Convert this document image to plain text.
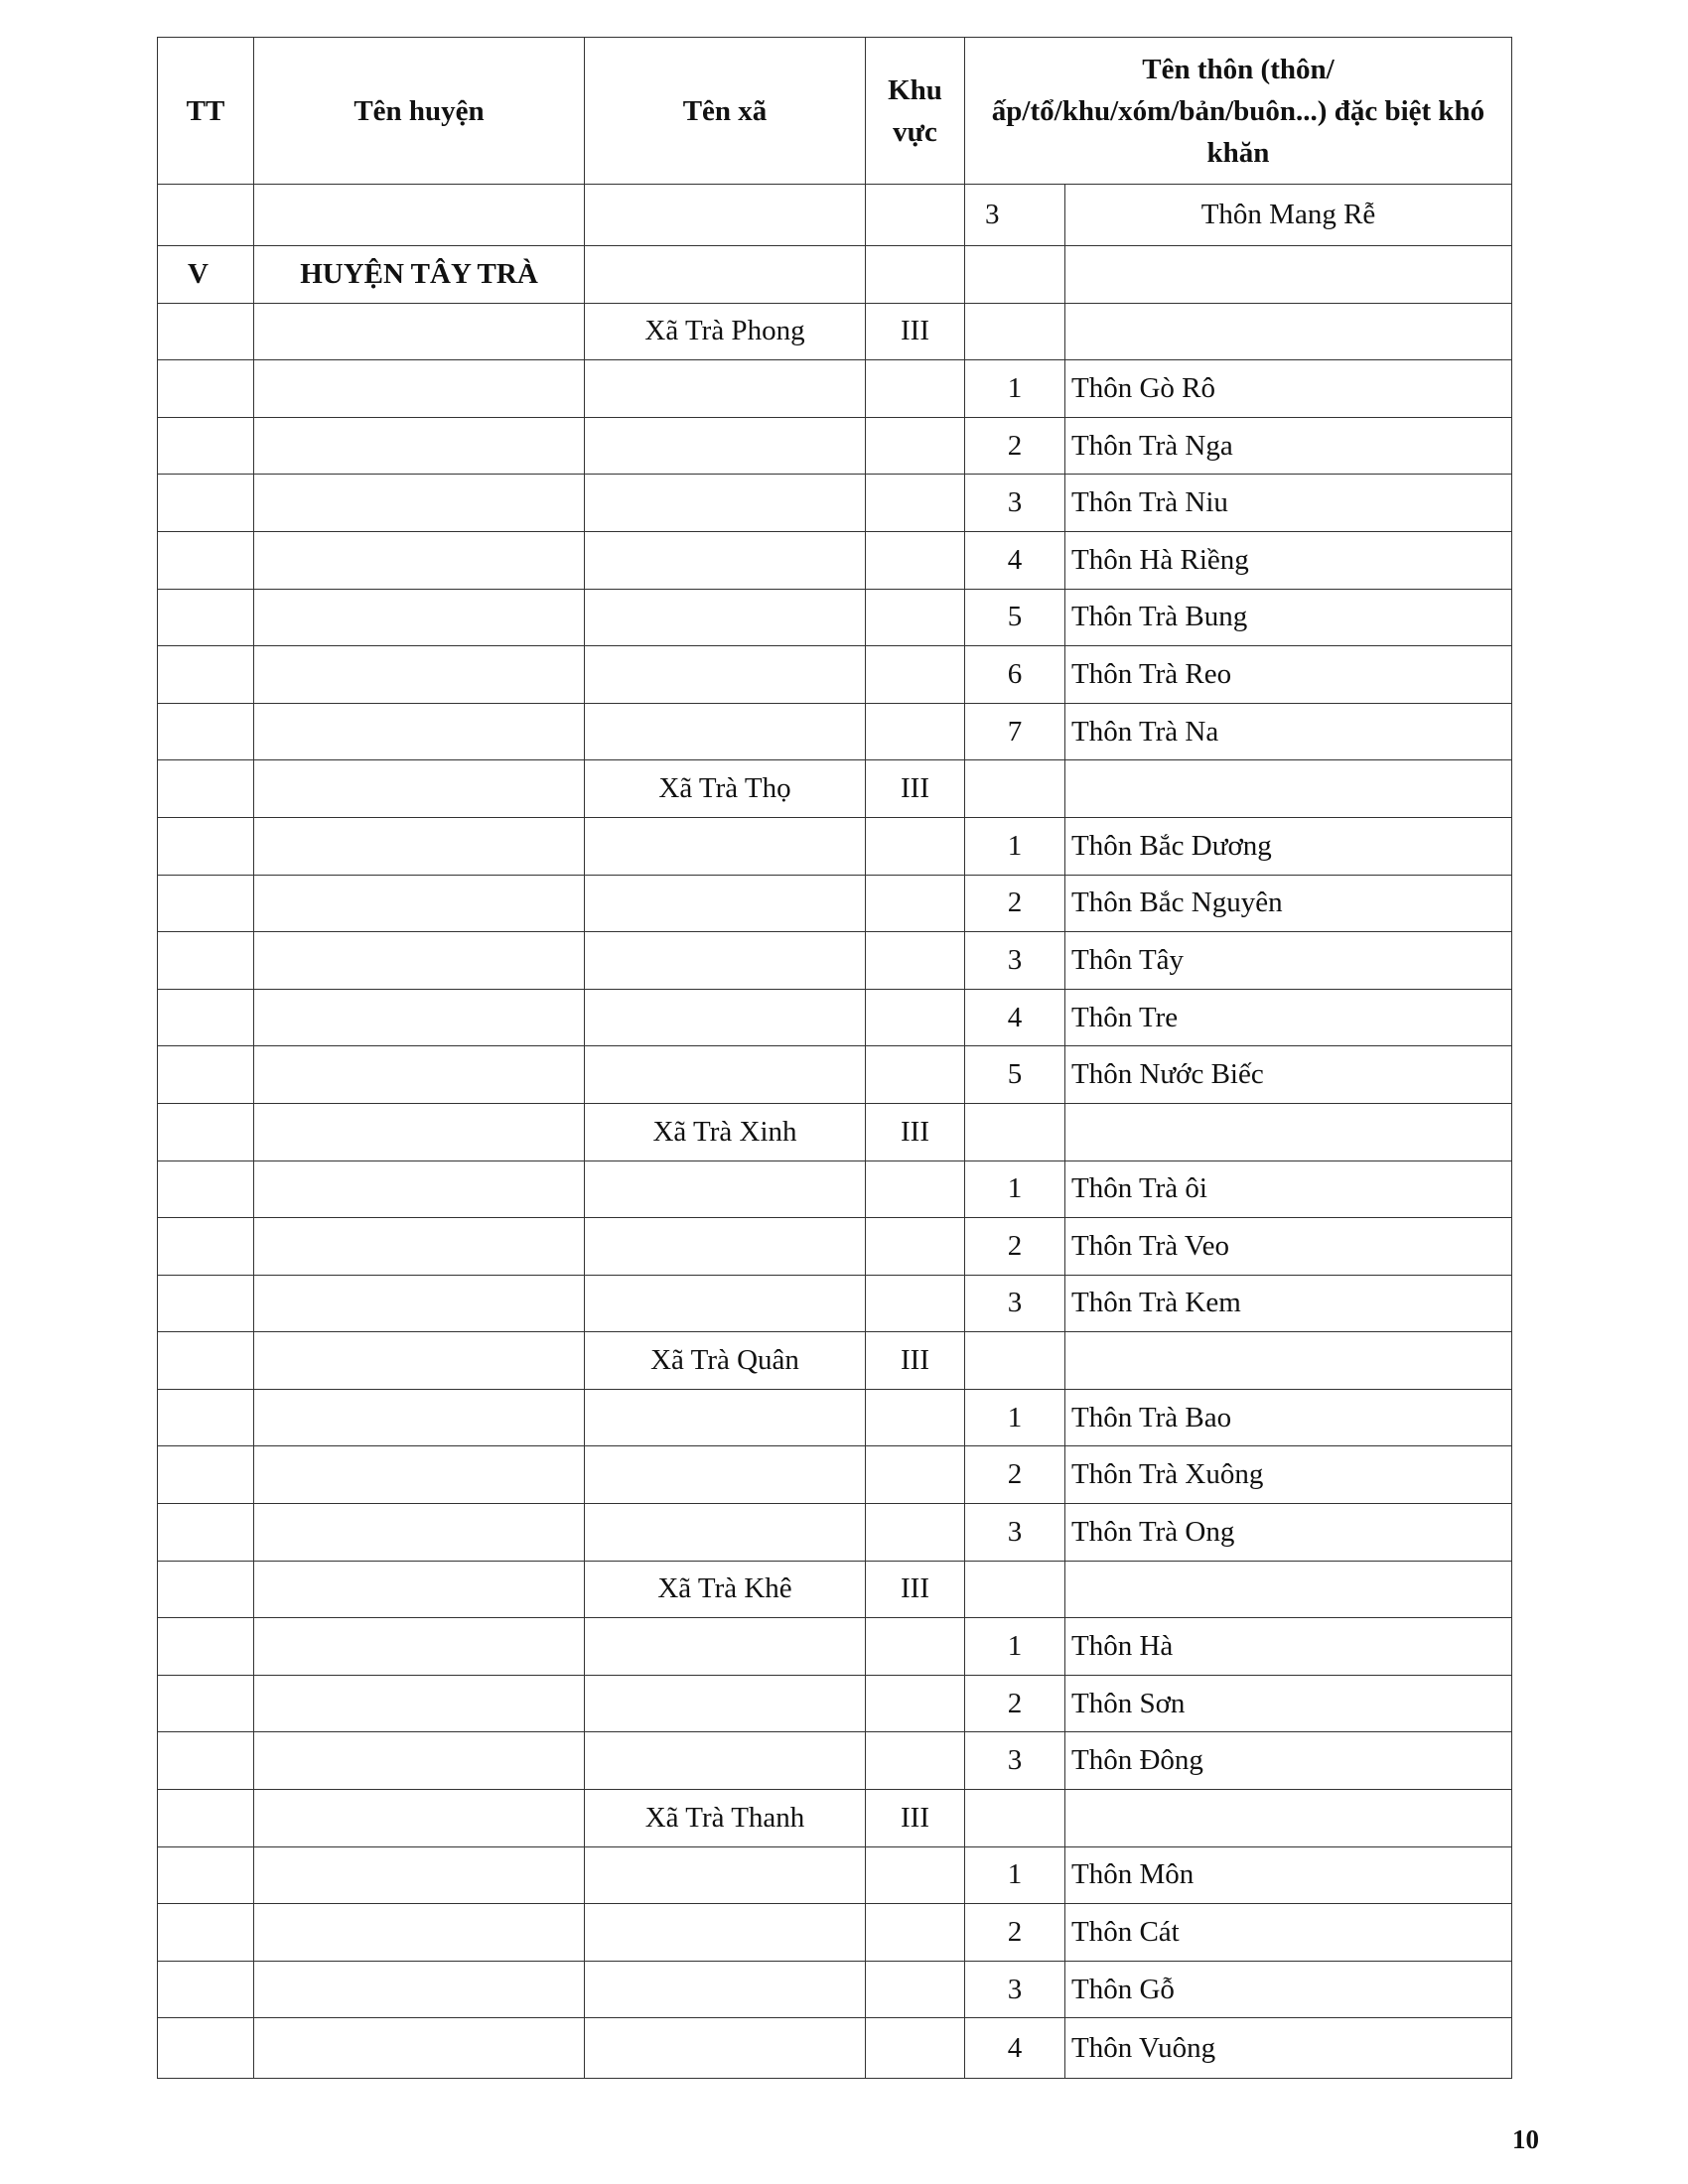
TT	Tên huyện	Tên xã	Khu vực	Tên thôn (thôn/ấp/tổ/khu/xóm/bản/buôn...) đặc biệt khó khăn	
				3	Thôn Mang Rễ
V	HUYỆN TÂY TRÀ				
		Xã Trà Phong	III		
				1	Thôn Gò Rô
				2	Thôn Trà Nga
				3	Thôn Trà Niu
				4	Thôn Hà Riềng
				5	Thôn Trà Bung
				6	Thôn Trà Reo
				7	Thôn Trà Na
		Xã Trà Thọ	III		
				1	Thôn Bắc Dương
				2	Thôn Bắc Nguyên
				3	Thôn Tây
				4	Thôn Tre
				5	Thôn Nước Biếc
		Xã Trà Xinh	III		
				1	Thôn Trà ôi
				2	Thôn Trà Veo
				3	Thôn Trà Kem
		Xã Trà Quân	III		
				1	Thôn Trà Bao
				2	Thôn Trà Xuông
				3	Thôn Trà Ong
		Xã Trà Khê	III		
				1	Thôn Hà
				2	Thôn Sơn
				3	Thôn Đông
		Xã Trà Thanh	III		
				1	Thôn Môn
				2	Thôn Cát
				3	Thôn Gỗ
				4	Thôn Vuông
10
